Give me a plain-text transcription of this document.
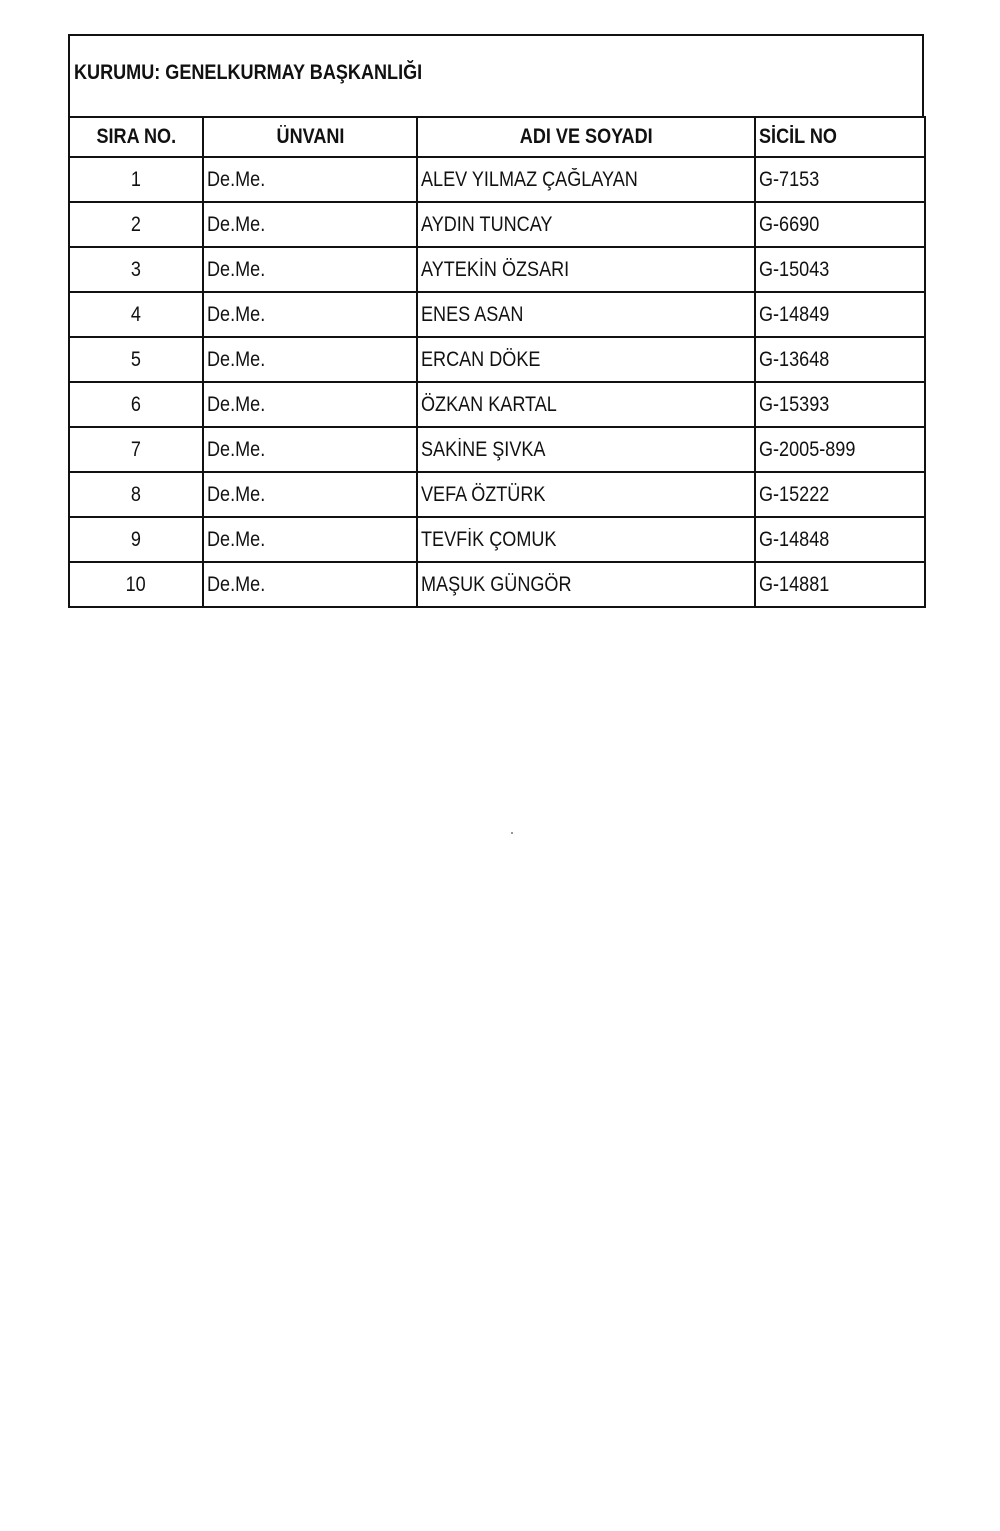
KURUMU: GENELKURMAY BAŞKANLIĞI
SIRA NO.	ÜNVANI	ADI VE SOYADI	SİCİL NO
1	De.Me.	ALEV YILMAZ ÇAĞLAYAN	G-7153
2	De.Me.	AYDIN TUNCAY	G-6690
3	De.Me.	AYTEKİN ÖZSARI	G-15043
4	De.Me.	ENES ASAN	G-14849
5	De.Me.	ERCAN DÖKE	G-13648
6	De.Me.	ÖZKAN KARTAL	G-15393
7	De.Me.	SAKİNE ŞIVKA	G-2005-899
8	De.Me.	VEFA ÖZTÜRK	G-15222
9	De.Me.	TEVFİK ÇOMUK	G-14848
10	De.Me.	MAŞUK GÜNGÖR	G-14881
